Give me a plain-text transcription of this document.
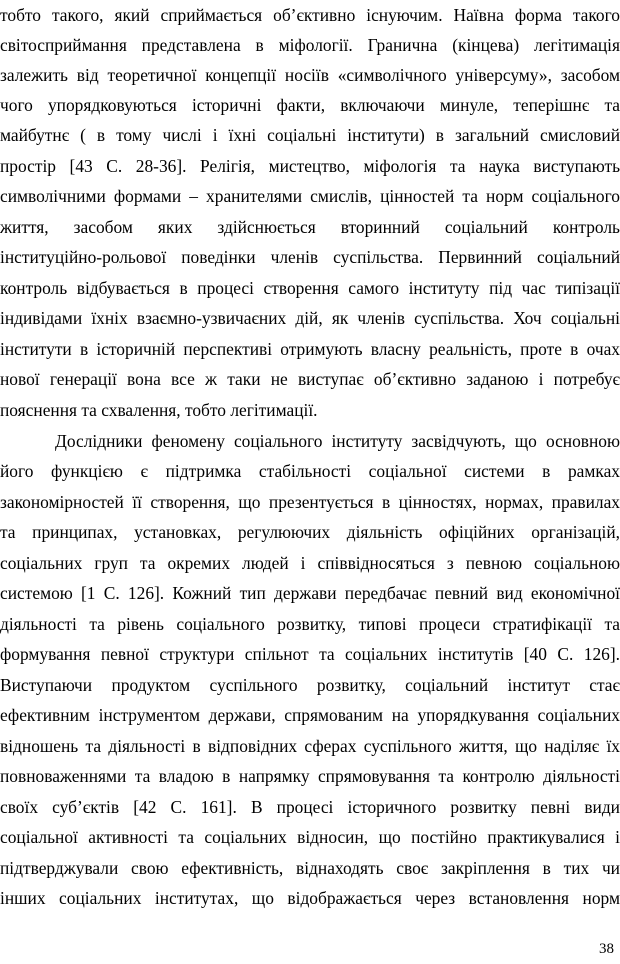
тобто такого, який сприймається об’єктивно існуючим. Наївна форма такого
світосприймання представлена в міфології. Гранична (кінцева) легітимація
залежить від теоретичної концепції носіїв «символічного універсуму», засобом
чого упорядковуються історичні факти, включаючи минуле, теперішнє та
майбутнє ( в тому числі і їхні соціальні інститути) в загальний смисловий
простір [43 С. 28-36]. Релігія, мистецтво, міфологія та наука виступають
символічними формами – хранителями смислів, цінностей та норм соціального
життя, засобом яких здійснюється вторинний соціальний контроль
інституційно-рольової поведінки членів суспільства. Первинний соціальний
контроль відбувається в процесі створення самого інституту під час типізації
індивідами їхніх взаємно-узвичаєних дій, як членів суспільства. Хоч соціальні
інститути в історичній перспективі отримують власну реальність, проте в очах
нової генерації вона все ж таки не виступає об’єктивно заданою і потребує
пояснення та схвалення, тобто легітимації.
Дослідники феномену соціального інституту засвідчують, що основною
його функцією є підтримка стабільності соціальної системи в рамках
закономірностей її створення, що презентується в цінностях, нормах, правилах
та принципах, установках, регулюючих діяльність офіційних організацій,
соціальних груп та окремих людей і співвідносяться з певною соціальною
системою [1 С. 126]. Кожний тип держави передбачає певний вид економічної
діяльності та рівень соціального розвитку, типові процеси стратифікації та
формування певної структури спільнот та соціальних інститутів [40 С. 126].
Виступаючи продуктом суспільного розвитку, соціальний інститут стає
ефективним інструментом держави, спрямованим на упорядкування соціальних
відношень та діяльності в відповідних сферах суспільного життя, що наділяє їх
повноваженнями та владою в напрямку спрямовування та контролю діяльності
своїх суб’єктів [42 С. 161]. В процесі історичного розвитку певні види
соціальної активності та соціальних відносин, що постійно практикувалися і
підтверджували свою ефективність, віднаходять своє закріплення в тих чи
інших соціальних інститутах, що відображається через встановлення норм
38
